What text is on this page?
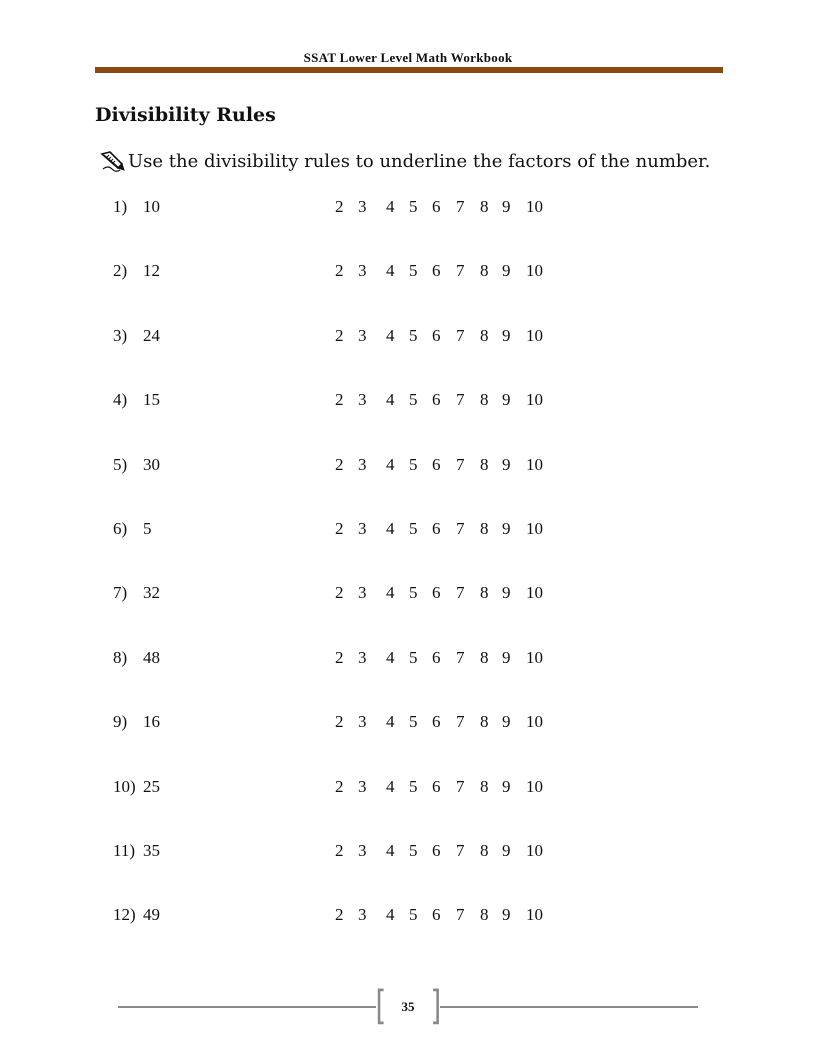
SSAT Lower Level Math Workbook
Divisibility Rules
Use the divisibility rules to underline the factors of the number.
1) 10	2 3 4 5 6 7 8 9 10
2) 12	2 3 4 5 6 7 8 9 10
3) 24	2 3 4 5 6 7 8 9 10
4) 15	2 3 4 5 6 7 8 9 10
5) 30	2 3 4 5 6 7 8 9 10
6) 5	2 3 4 5 6 7 8 9 10
7) 32	2 3 4 5 6 7 8 9 10
8) 48	2 3 4 5 6 7 8 9 10
9) 16	2 3 4 5 6 7 8 9 10
10) 25	2 3 4 5 6 7 8 9 10
11) 35	2 3 4 5 6 7 8 9 10
12) 49	2 3 4 5 6 7 8 9 10
[ ]
35
